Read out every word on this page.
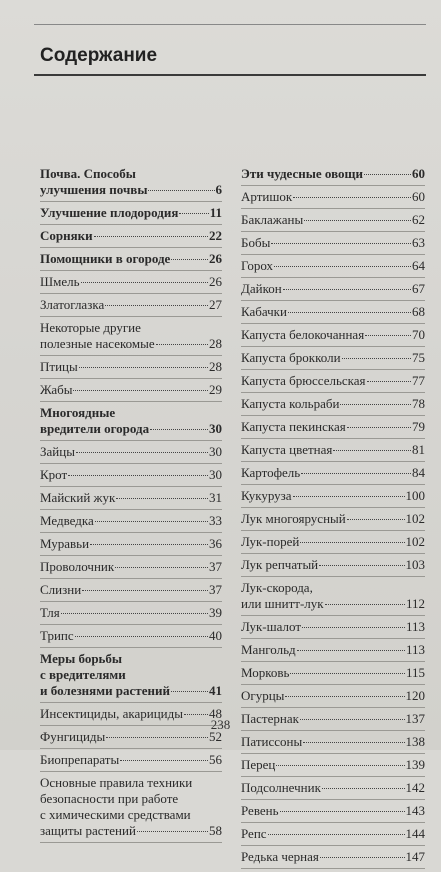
Содержание
Почва. Способы
улучшения почвы	6
Улучшение плодородия 11
Сорняки	22
Помощники в огороде	26
Шмель	26
Златоглазка	27
Некоторые другие
полезные насекомые	28
Птицы	28
Жабы	29
Многоядные
вредители огорода	30
Зайцы	30
Крот	30
Майский жук	31
Медведка	33
Муравьи	36
Проволочник	37
Слизни	37
Тля	39
Трипс	40
Меры борьбы
с вредителями
и болезнями растений	41
Инсектициды, акарициды 48
Фунгициды	52
Биопрепараты	56
Основные правила техники
безопасности при работе
с химическими средствами
защиты растений	58
Эти чудесные овощи	60
Артишок	60
Баклажаны	62
Бобы	63
Горох	64
Дайкон	67
Кабачки	68
Капуста белокочанная	70
Капуста брокколи	75
Капуста брюссельская	77
Капуста кольраби	78
Капуста пекинская	79
Капуста цветная	81
Картофель	84
Кукуруза	100
Лук многоярусный	102
Лук-порей	102
Лук репчатый	103
Лук-скорода,
или шнитт-лук	112
Лук-шалот	113
Мангольд	113
Морковь	115
Огурцы	120
Пастернак	137
Патиссоны	138
Перец	139
Подсолнечник	142
Ревень	143
Репс	144
Редька черная	147
238
